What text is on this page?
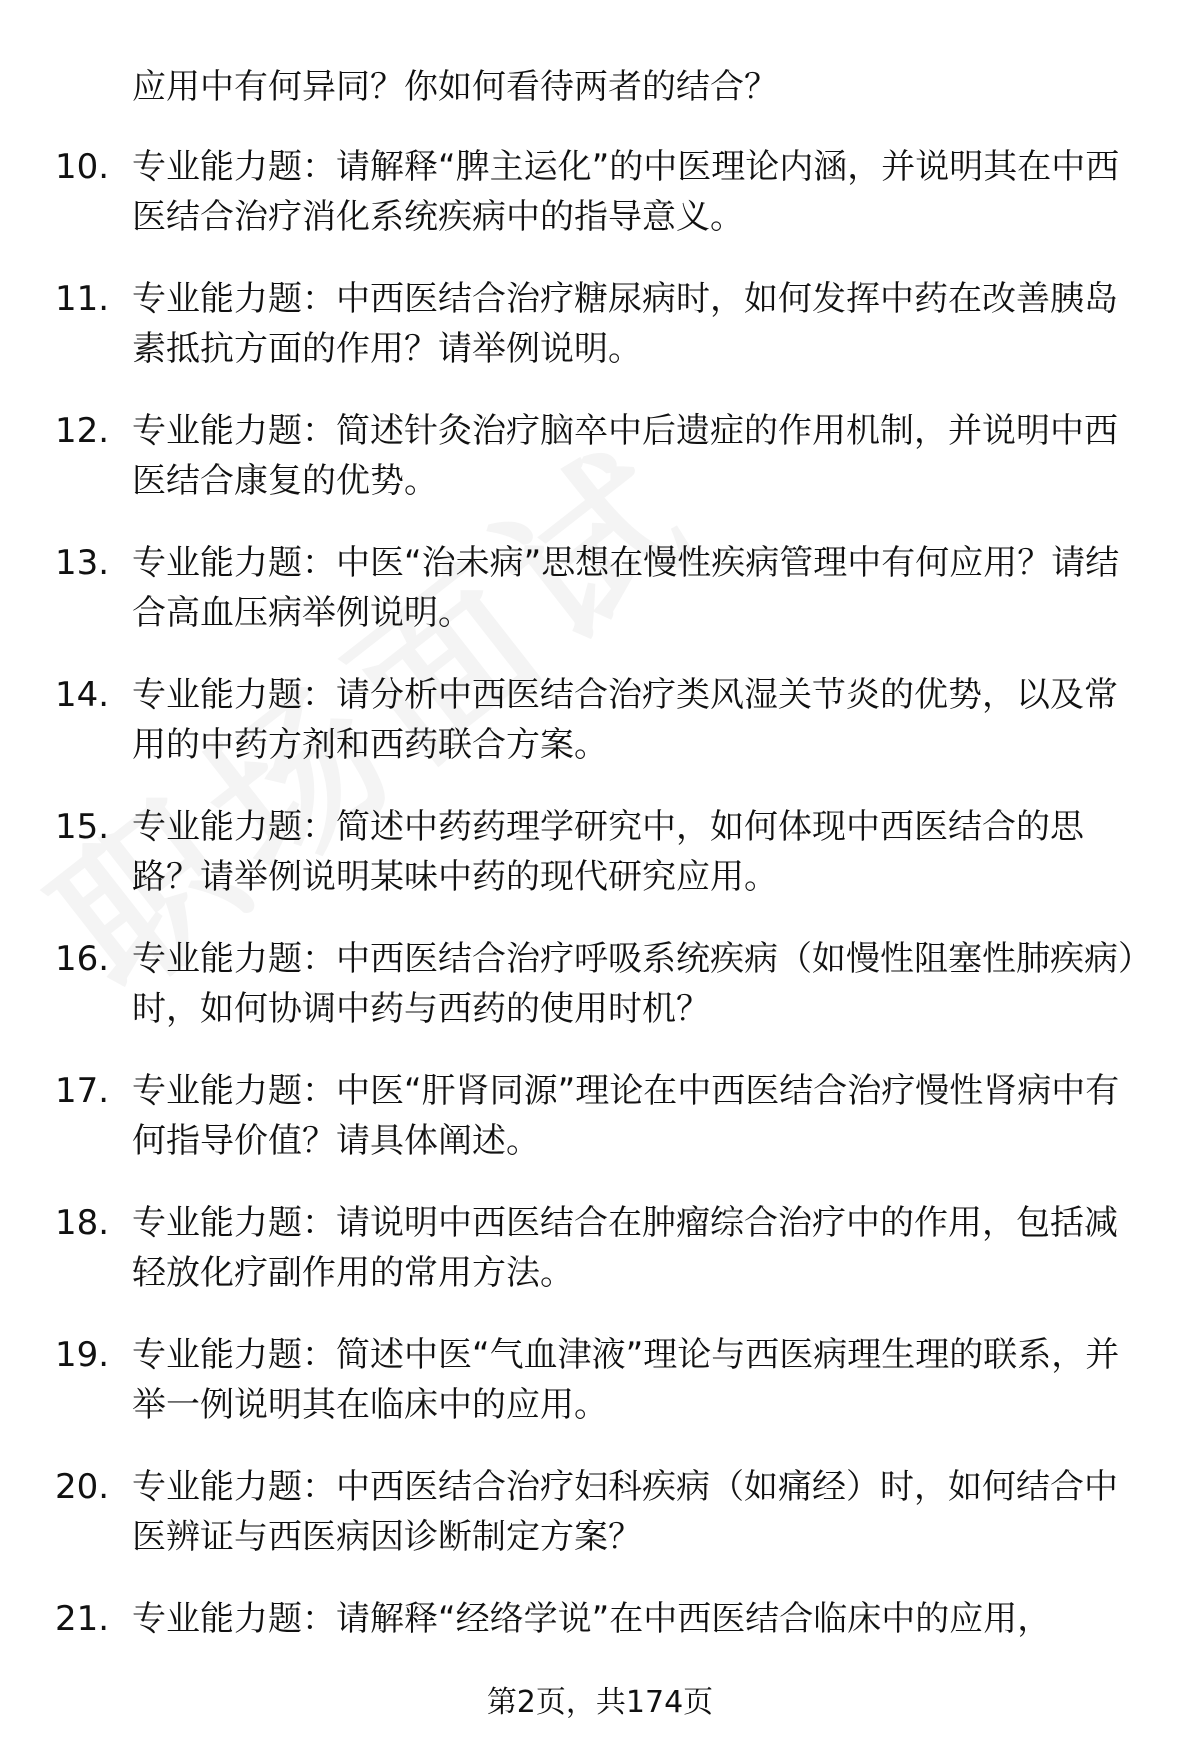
应用中有何异同？你如何看待两者的结合？
10. 专业能力题：请解释“脾主运化”的中医理论内涵，并说明其在中西医结合治疗消化系统疾病中的指导意义。
11. 专业能力题：中西医结合治疗糖尿病时，如何发挥中药在改善胰岛素抵抗方面的作用？请举例说明。
12. 专业能力题：简述针灸治疗脑卒中后遗症的作用机制，并说明中西医结合康复的优势。
13. 专业能力题：中医“治未病”思想在慢性疾病管理中有何应用？请结合高血压病举例说明。
14. 专业能力题：请分析中西医结合治疗类风湿关节炎的优势，以及常用的中药方剂和西药联合方案。
15. 专业能力题：简述中药药理学研究中，如何体现中西医结合的思路？请举例说明某味中药的现代研究应用。
16. 专业能力题：中西医结合治疗呼吸系统疾病（如慢性阻塞性肺疾病）时，如何协调中药与西药的使用时机？
17. 专业能力题：中医“肝肾同源”理论在中西医结合治疗慢性肾病中有何指导价值？请具体阐述。
18. 专业能力题：请说明中西医结合在肿瘤综合治疗中的作用，包括减轻放化疗副作用的常用方法。
19. 专业能力题：简述中医“气血津液”理论与西医病理生理的联系，并举一例说明其在临床中的应用。
20. 专业能力题：中西医结合治疗妇科疾病（如痛经）时，如何结合中医辨证与西医病因诊断制定方案？
21. 专业能力题：请解释“经络学说”在中西医结合临床中的应用，
第2页，共174页
